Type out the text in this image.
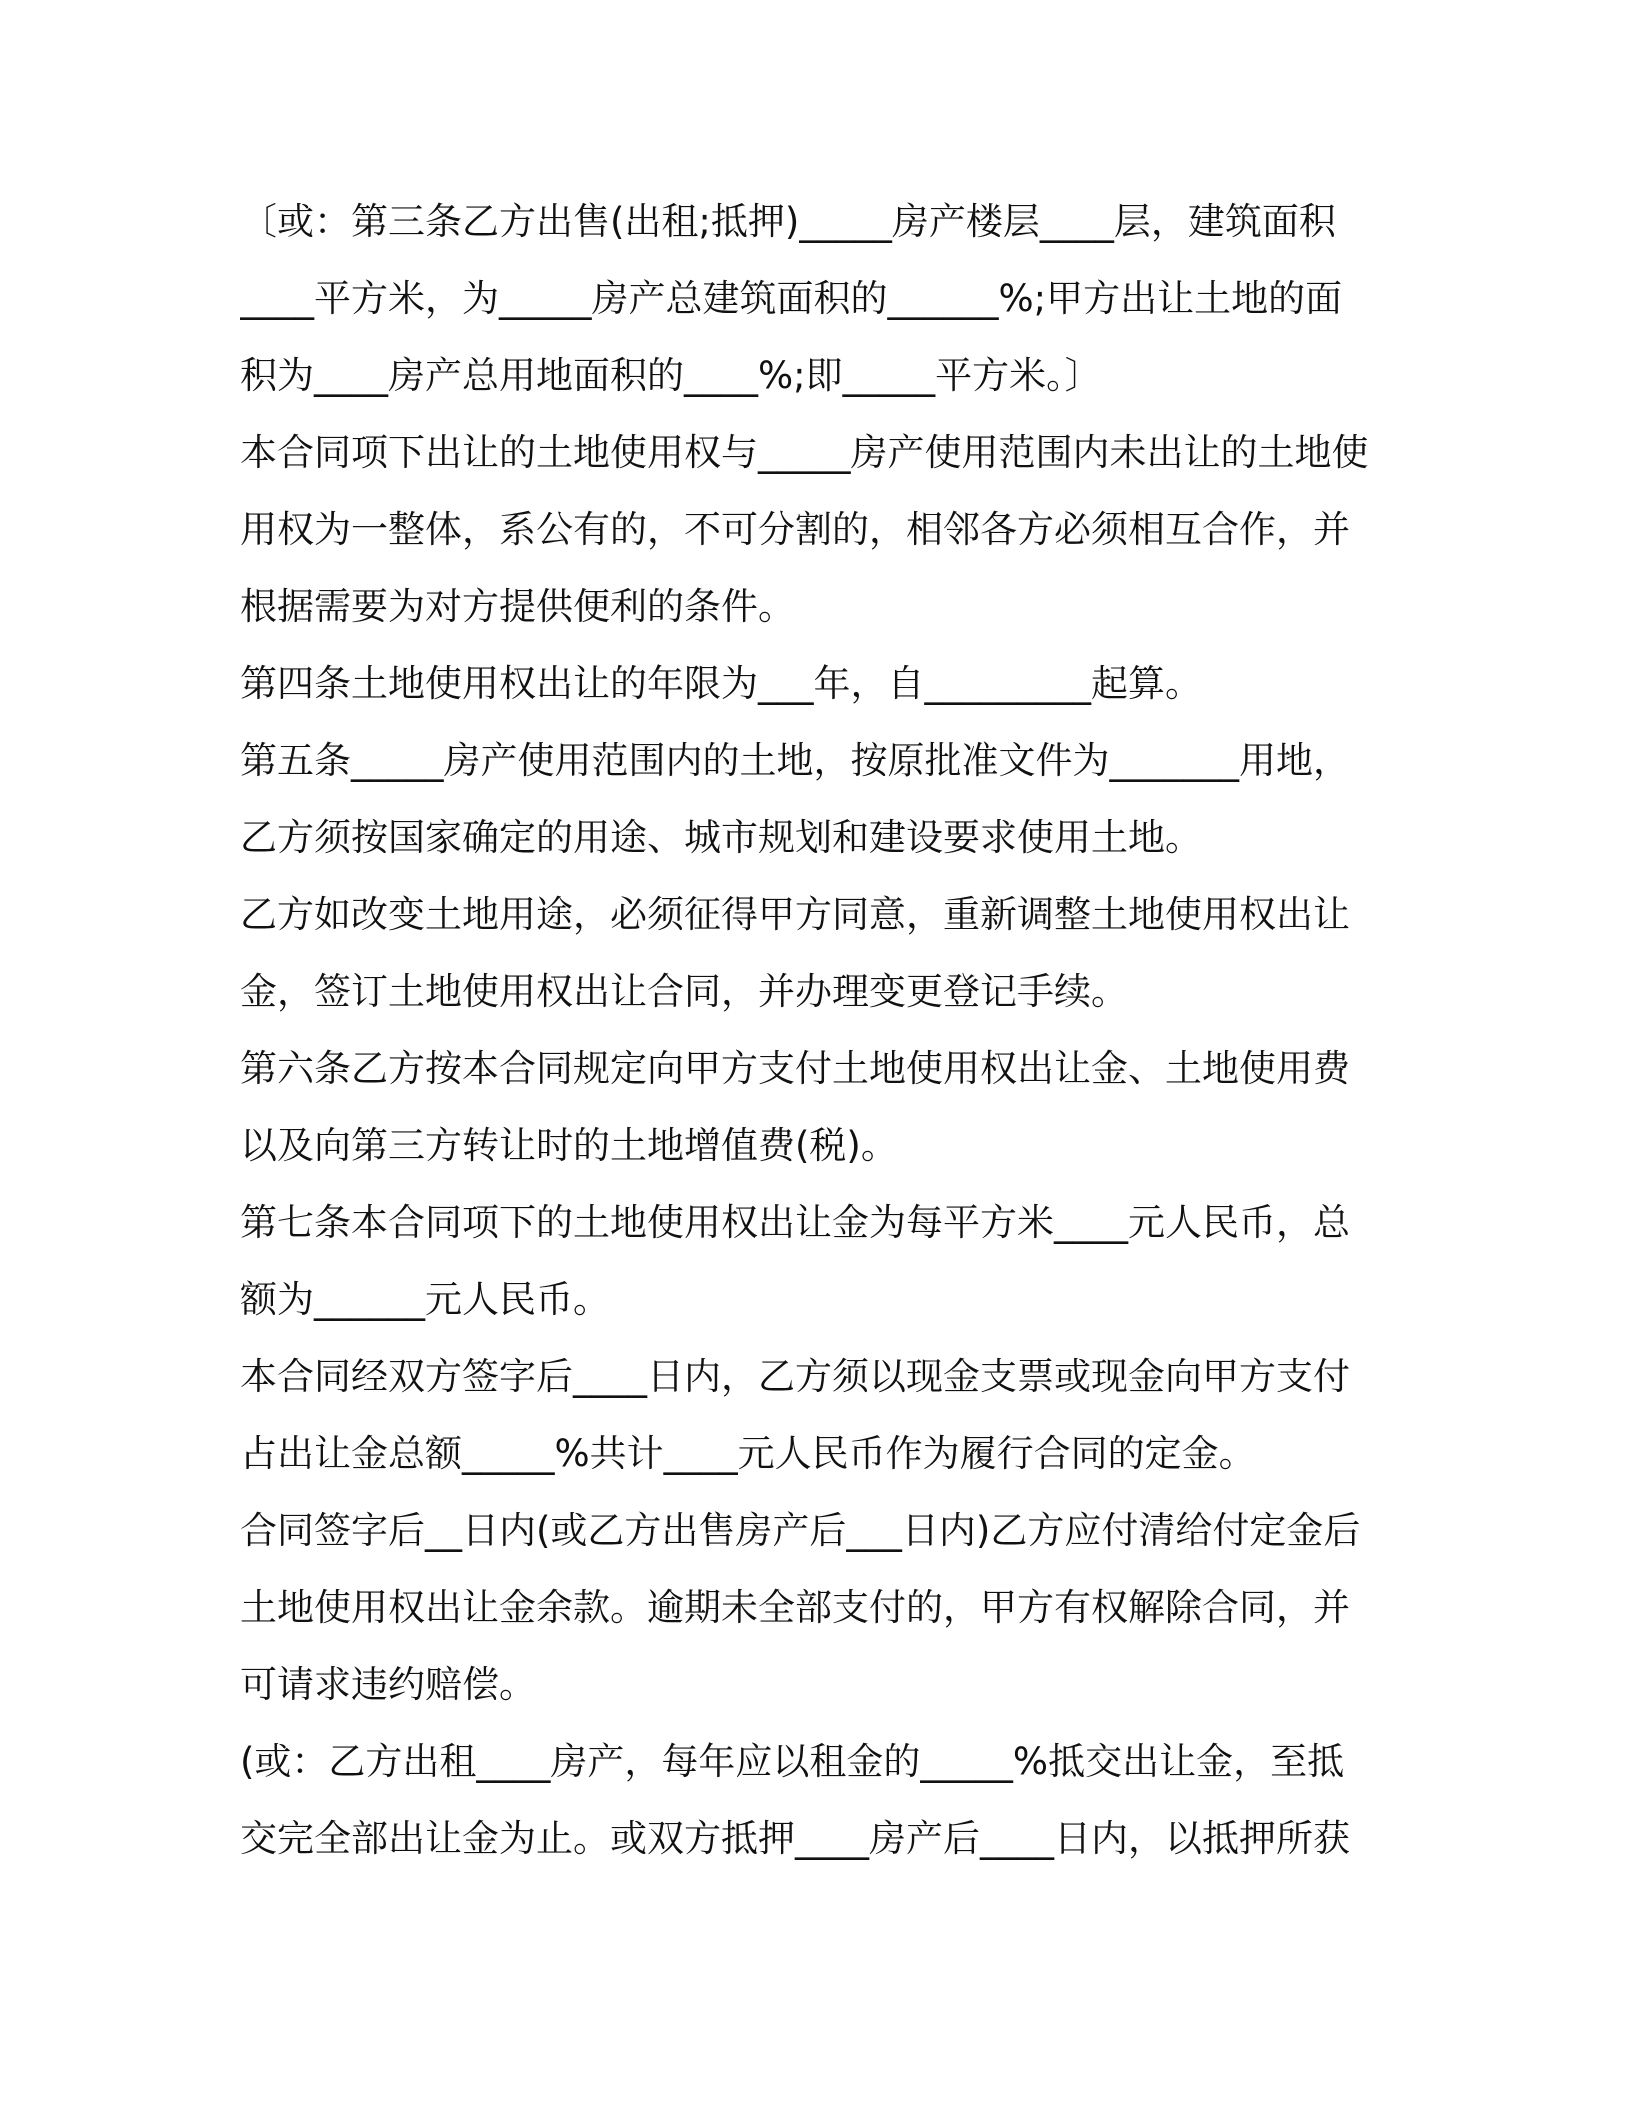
〔或：第三条乙方出售(出租;抵押)_____房产楼层____层，建筑面积
____平方米，为_____房产总建筑面积的______%;甲方出让土地的面
积为____房产总用地面积的____%;即_____平方米。〕
本合同项下出让的土地使用权与_____房产使用范围内未出让的土地使
用权为一整体，系公有的，不可分割的，相邻各方必须相互合作，并
根据需要为对方提供便利的条件。
第四条土地使用权出让的年限为___年，自_________起算。
第五条_____房产使用范围内的土地，按原批准文件为_______用地，
乙方须按国家确定的用途、城市规划和建设要求使用土地。
乙方如改变土地用途，必须征得甲方同意，重新调整土地使用权出让
金，签订土地使用权出让合同，并办理变更登记手续。
第六条乙方按本合同规定向甲方支付土地使用权出让金、土地使用费
以及向第三方转让时的土地增值费(税)。
第七条本合同项下的土地使用权出让金为每平方米____元人民币，总
额为______元人民币。
本合同经双方签字后____日内，乙方须以现金支票或现金向甲方支付
占出让金总额_____%共计____元人民币作为履行合同的定金。
合同签字后__日内(或乙方出售房产后___日内)乙方应付清给付定金后
土地使用权出让金余款。逾期未全部支付的，甲方有权解除合同，并
可请求违约赔偿。
(或：乙方出租____房产，每年应以租金的_____%抵交出让金，至抵
交完全部出让金为止。或双方抵押____房产后____日内，以抵押所获
